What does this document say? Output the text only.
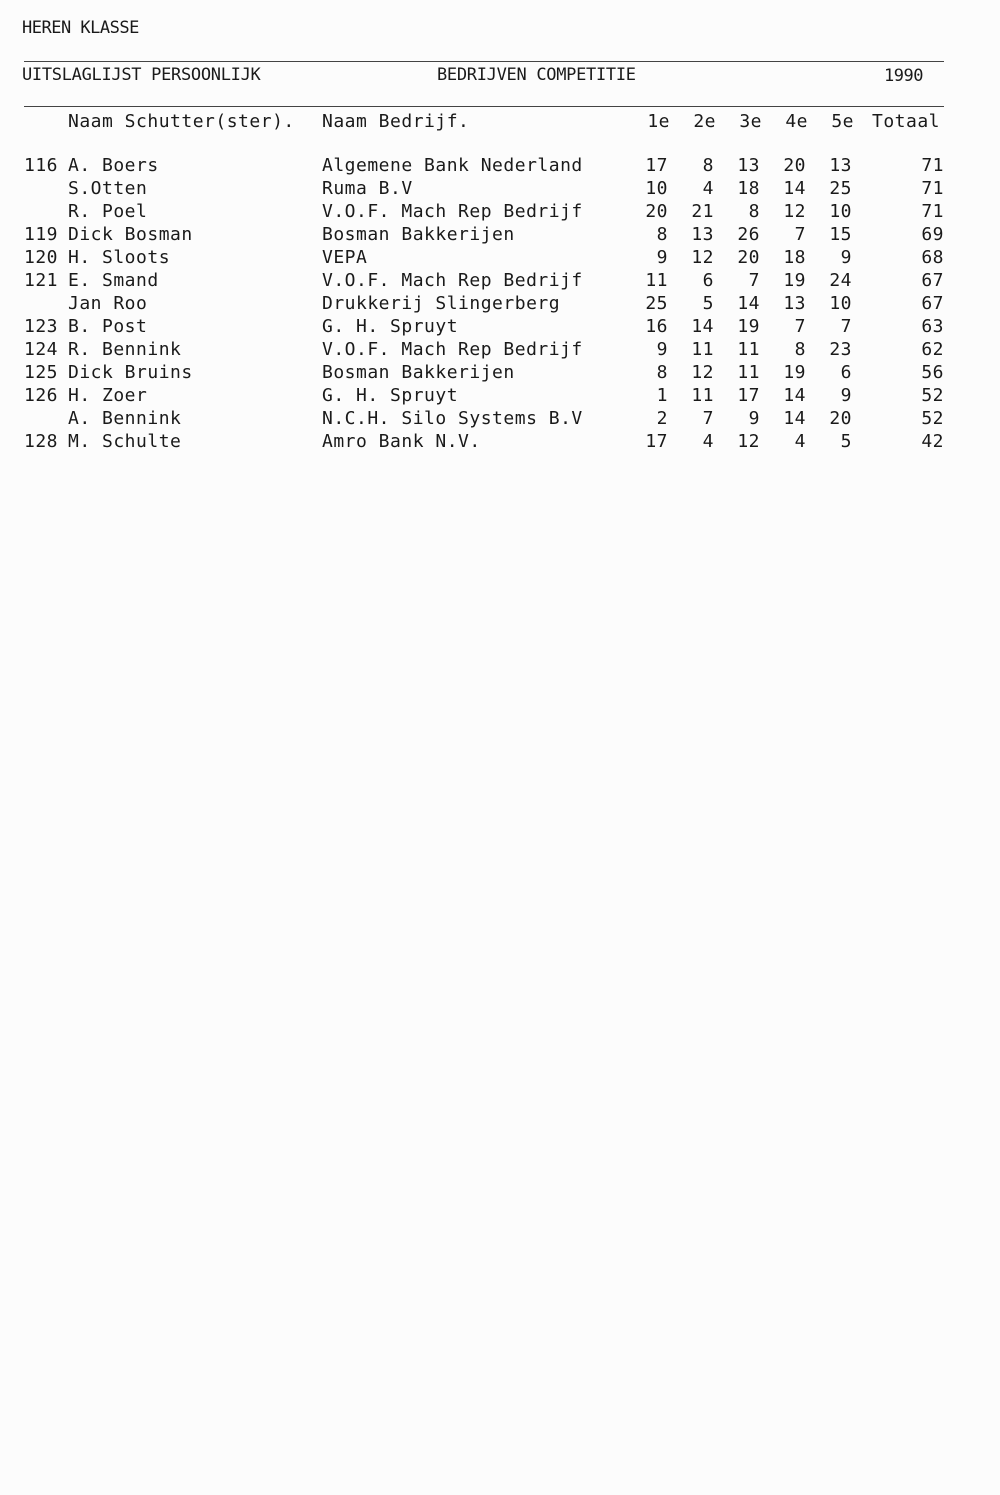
HEREN KLASSE
UITSLAGLIJST PERSOONLIJK	BEDRIJVEN COMPETITIE	1990
Naam Schutter(ster). Naam Bedrijf.	1e	2e	3e	4e	5e Totaal
116 A. Boers	Algemene Bank Nederland	17	8	13	20	13	71
S.Otten	Ruma B.V	10	4	18	14	25	71
R. Poel	V.O.F. Mach Rep Bedrijf	20	21	8	12	10	71
119 Dick Bosman	Bosman Bakkerijen	8	13	26	7	15	69
120 H. Sloots	VEPA	9	12	20	18	9	68
121 E. Smand	V.O.F. Mach Rep Bedrijf	11	6	7	19	24	67
Jan Roo	Drukkerij Slingerberg	25	5	14	13	10	67
123 B. Post	G. H. Spruyt	16	14	19	7	7	63
124 R. Bennink	V.O.F. Mach Rep Bedrijf	9	11	11	8	23	62
125 Dick Bruins	Bosman Bakkerijen	8	12	11	19	6	56
126 H. Zoer	G. H. Spruyt	1	11	17	14	9	52
A. Bennink	N.C.H. Silo Systems B.V	2	7	9	14	20	52
128 M. Schulte	Amro Bank N.V.	17	4	12	4	5	42
